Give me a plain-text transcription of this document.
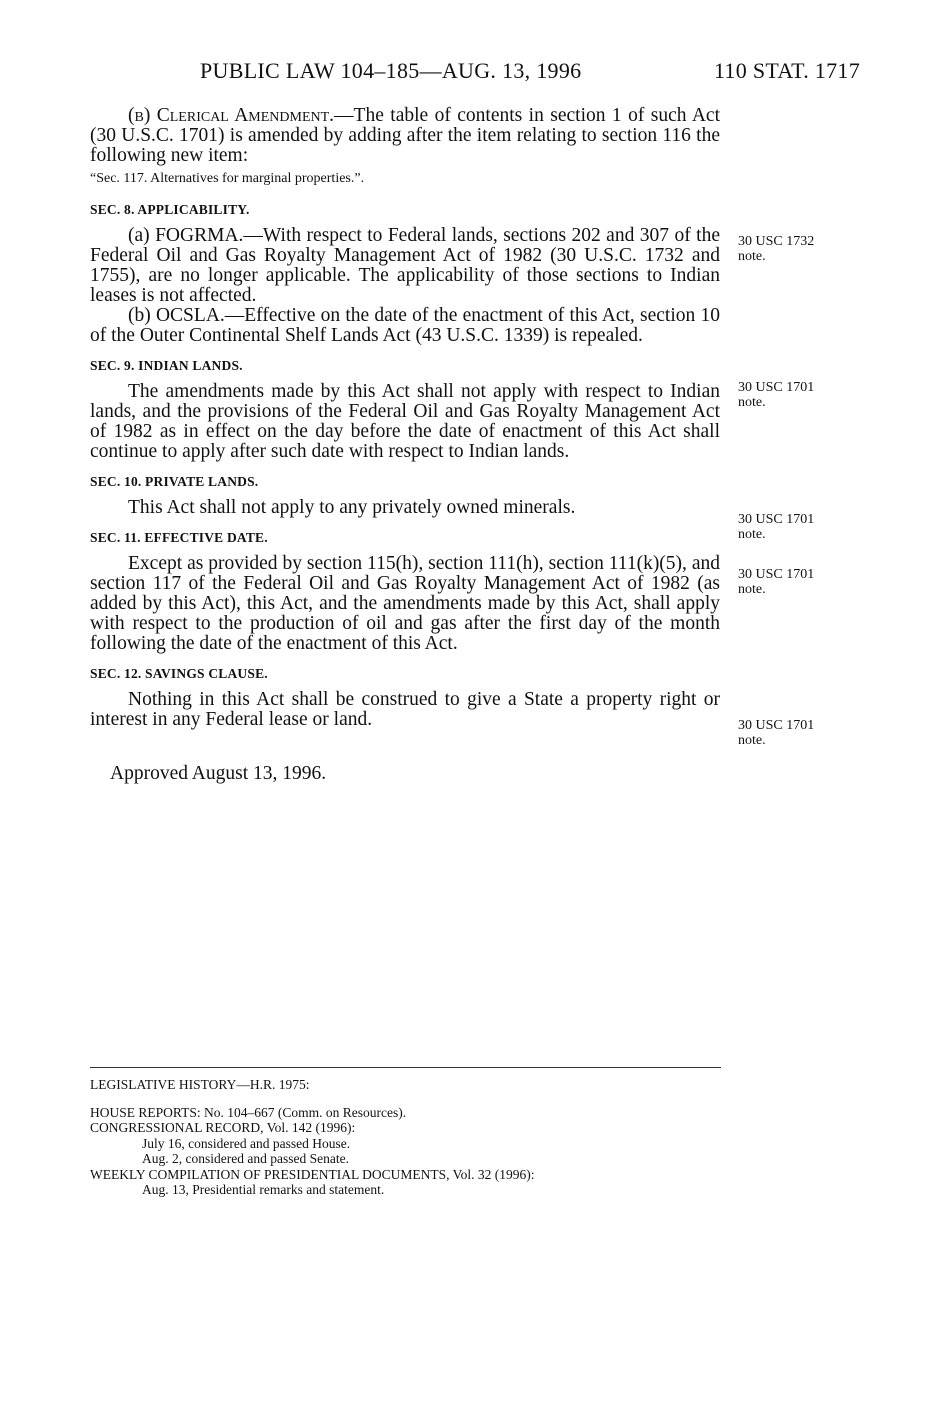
PUBLIC LAW 104–185—AUG. 13, 1996	110 STAT. 1717

(b) Clerical Amendment.—The table of contents in section 1 of such Act (30 U.S.C. 1701) is amended by adding after the item relating to section 116 the following new item:

“Sec. 117. Alternatives for marginal properties.”.

SEC. 8. APPLICABILITY.

(a) FOGRMA.—With respect to Federal lands, sections 202 and 307 of the Federal Oil and Gas Royalty Management Act of 1982 (30 U.S.C. 1732 and 1755), are no longer applicable. The applicability of those sections to Indian leases is not affected.

(b) OCSLA.—Effective on the date of the enactment of this Act, section 10 of the Outer Continental Shelf Lands Act (43 U.S.C. 1339) is repealed.

SEC. 9. INDIAN LANDS.

The amendments made by this Act shall not apply with respect to Indian lands, and the provisions of the Federal Oil and Gas Royalty Management Act of 1982 as in effect on the day before the date of enactment of this Act shall continue to apply after such date with respect to Indian lands.

SEC. 10. PRIVATE LANDS.

This Act shall not apply to any privately owned minerals.

SEC. 11. EFFECTIVE DATE.

Except as provided by section 115(h), section 111(h), section 111(k)(5), and section 117 of the Federal Oil and Gas Royalty Management Act of 1982 (as added by this Act), this Act, and the amendments made by this Act, shall apply with respect to the production of oil and gas after the first day of the month following the date of the enactment of this Act.

SEC. 12. SAVINGS CLAUSE.

Nothing in this Act shall be construed to give a State a property right or interest in any Federal lease or land.

Approved August 13, 1996.

30 USC 1732
note.
30 USC 1701
note.
30 USC 1701
note.
30 USC 1701
note.
30 USC 1701
note.
LEGISLATIVE HISTORY—H.R. 1975:
HOUSE REPORTS: No. 104–667 (Comm. on Resources).
CONGRESSIONAL RECORD, Vol. 142 (1996):
July 16, considered and passed House.
Aug. 2, considered and passed Senate.
WEEKLY COMPILATION OF PRESIDENTIAL DOCUMENTS, Vol. 32 (1996):
Aug. 13, Presidential remarks and statement.
